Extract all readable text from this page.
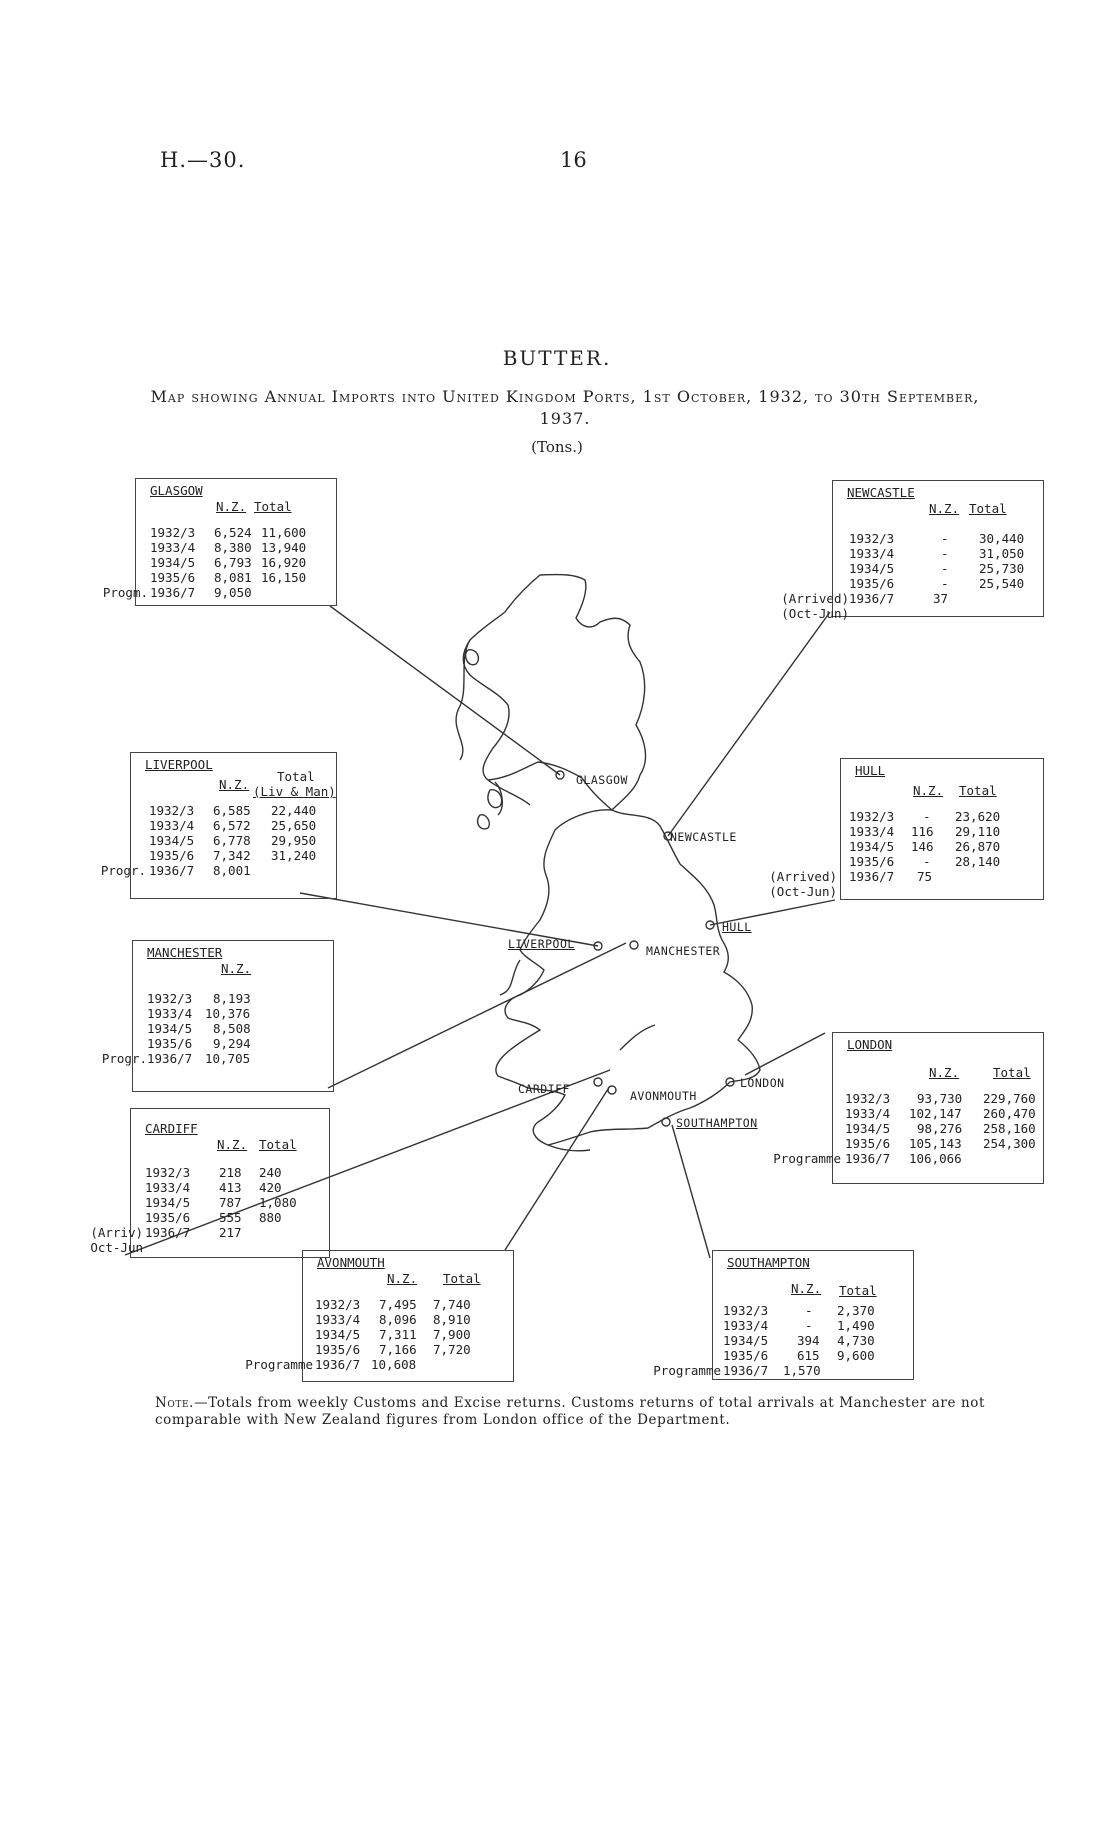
H.—30.	16
BUTTER.
Map showing Annual Imports into United Kingdom Ports, 1st October, 1932, to 30th September, 1937.
(Tons.)
GLASGOW
NEWCASTLE
HULL
LIVERPOOL	MANCHESTER
LONDON
CARDIFF	AVONMOUTH
SOUTHAMPTON
GLASGOW
N.Z. Total
1932/3 6,524 11,600
1933/4 8,380 13,940
1934/5 6,793 16,920
1935/6 8,081 16,150
Progm. 1936/7 9,050
NEWCASTLE
N.Z. Total
1932/3	- 30,440
1933/4	- 31,050
1934/5	- 25,730
1935/6	- 25,540
(Arrived) 1936/7	37
(Oct-Jun)
LIVERPOOL
N.Z.
Total
(Liv & Man)
1932/3 6,585 22,440
1933/4 6,572 25,650
1934/5 6,778 29,950
1935/6 7,342 31,240
Progr. 1936/7 8,001
HULL
N.Z. Total
1932/3 - 23,620
1933/4 116 29,110
1934/5 146 26,870
1935/6 - 28,140
(Arrived) 1936/7 75
(Oct-Jun)
MANCHESTER
N.Z.
1932/3 8,193
1933/4 10,376
1934/5 8,508
1935/6 9,294
Progr. 1936/7 10,705
LONDON
N.Z.	Total
1932/3 93,730 229,760
1933/4 102,147 260,470
1934/5 98,276 258,160
1935/6 105,143 254,300
Programme 1936/7 106,066
CARDIFF
N.Z. Total
1932/3 218 240
1933/4 413 420
1934/5 787 1,080
1935/6 555 880
(Arriv) 1936/7 217
Oct-Jun
AVONMOUTH
N.Z. Total
1932/3 7,495 7,740
1933/4 8,096 8,910
1934/5 7,311 7,900
1935/6 7,166 7,720
Programme 1936/7 10,608
SOUTHAMPTON
N.Z. Total
1932/3	- 2,370
1933/4	- 1,490
1934/5 394 4,730
1935/6 615 9,600
Programme 1936/7 1,570
Note.—Totals from weekly Customs and Excise returns. Customs returns of total arrivals at Manchester are not comparable with New Zealand figures from London office of the Department.
